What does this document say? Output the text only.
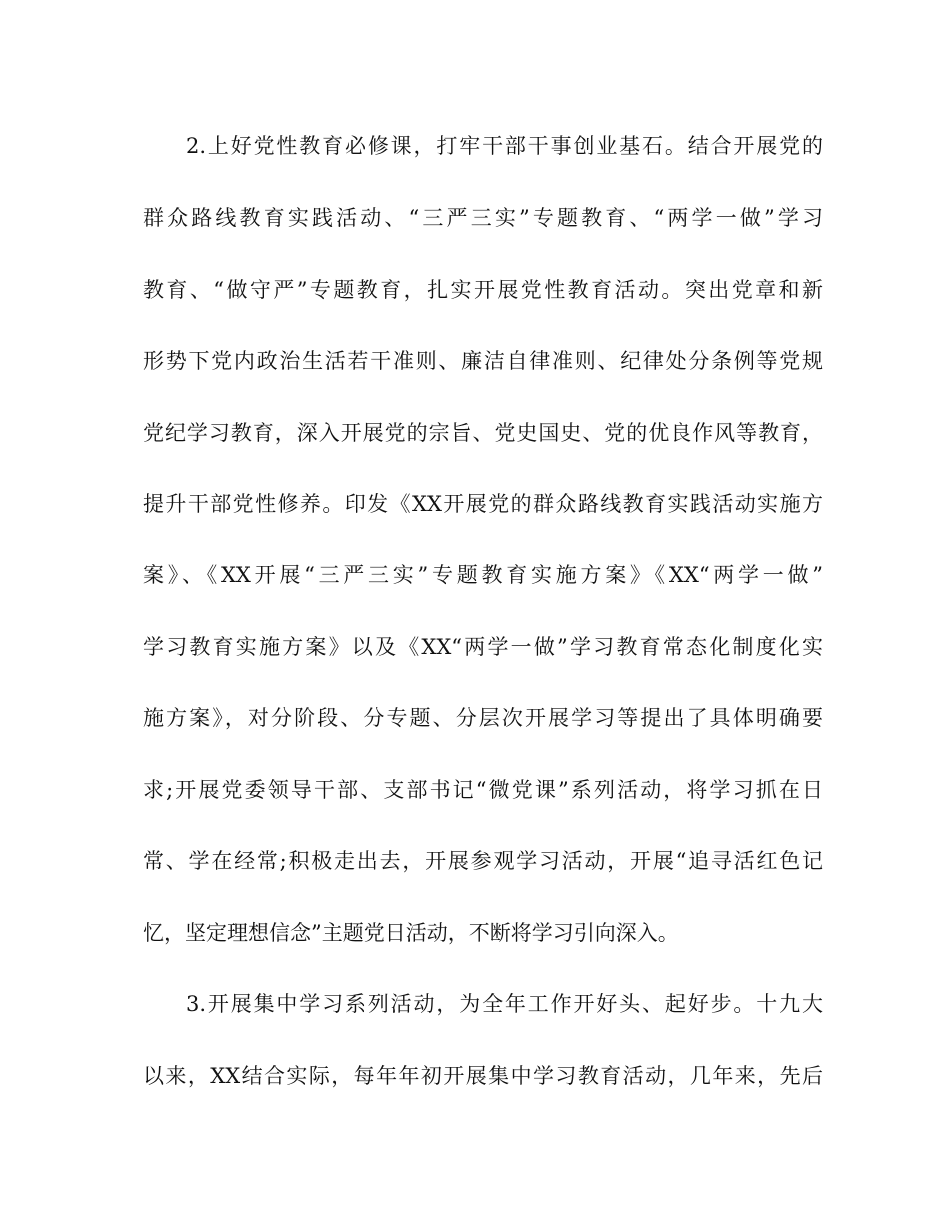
2.上好党性教育必修课，打牢干部干事创业基石。结合开展党的
群众路线教育实践活动、“三严三实”专题教育、“两学一做”学习
教育、“做守严”专题教育，扎实开展党性教育活动。突出党章和新
形势下党内政治生活若干准则、廉洁自律准则、纪律处分条例等党规
党纪学习教育，深入开展党的宗旨、党史国史、党的优良作风等教育，
提升干部党性修养。印发《XX开展党的群众路线教育实践活动实施方
案》、《XX开展“三严三实”专题教育实施方案》《XX“两学一做”
学习教育实施方案》以及《XX“两学一做”学习教育常态化制度化实
施方案》，对分阶段、分专题、分层次开展学习等提出了具体明确要
求;开展党委领导干部、支部书记“微党课”系列活动，将学习抓在日
常、学在经常;积极走出去，开展参观学习活动，开展“追寻活红色记
忆，坚定理想信念”主题党日活动，不断将学习引向深入。
3.开展集中学习系列活动，为全年工作开好头、起好步。十九大
以来，XX结合实际，每年年初开展集中学习教育活动，几年来，先后
